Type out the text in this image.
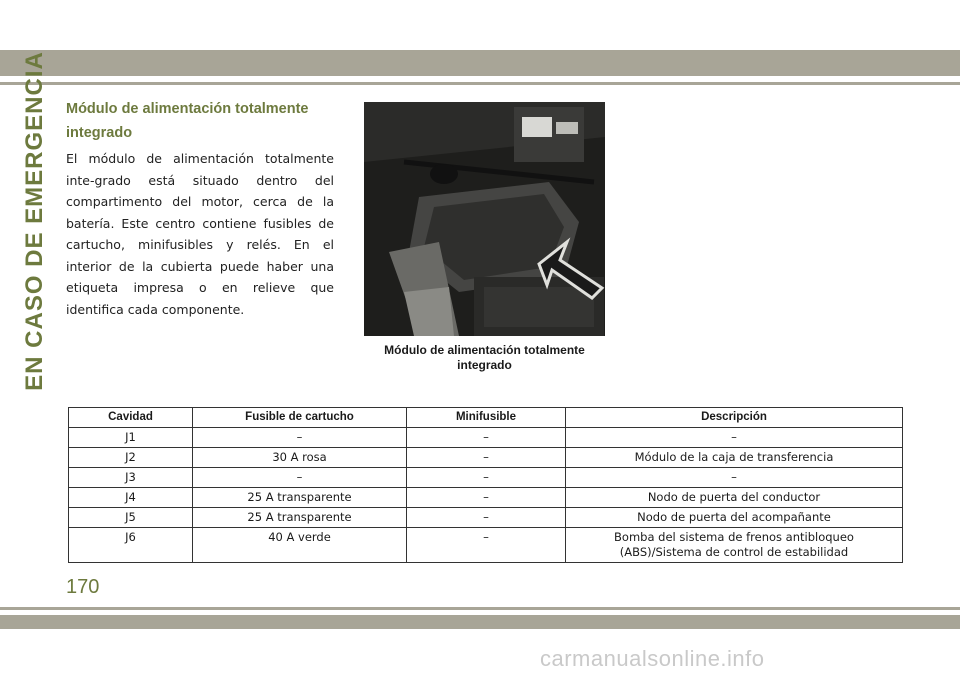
EN CASO DE EMERGENCIA Módulo de alimentación totalmente integrado

El módulo de alimentación totalmente inte-grado está situado dentro del compartimento del motor, cerca de la batería. Este centro contiene fusibles de cartucho, minifusibles y relés. En el interior de la cubierta puede haber una etiqueta impresa o en relieve que identifica cada componente.

Módulo de alimentación totalmente
integrado
Cavidad	Fusible de cartucho	Minifusible	Descripción
J1	–	–	–
J2	30 A rosa	–	Módulo de la caja de transferencia
J3	–	–	–
J4	25 A transparente	–	Nodo de puerta del conductor
J5	25 A transparente	–	Nodo de puerta del acompañante
J6	40 A verde	–	Bomba del sistema de frenos antibloqueo (ABS)/Sistema de control de estabilidad
170
carmanualsonline.info
